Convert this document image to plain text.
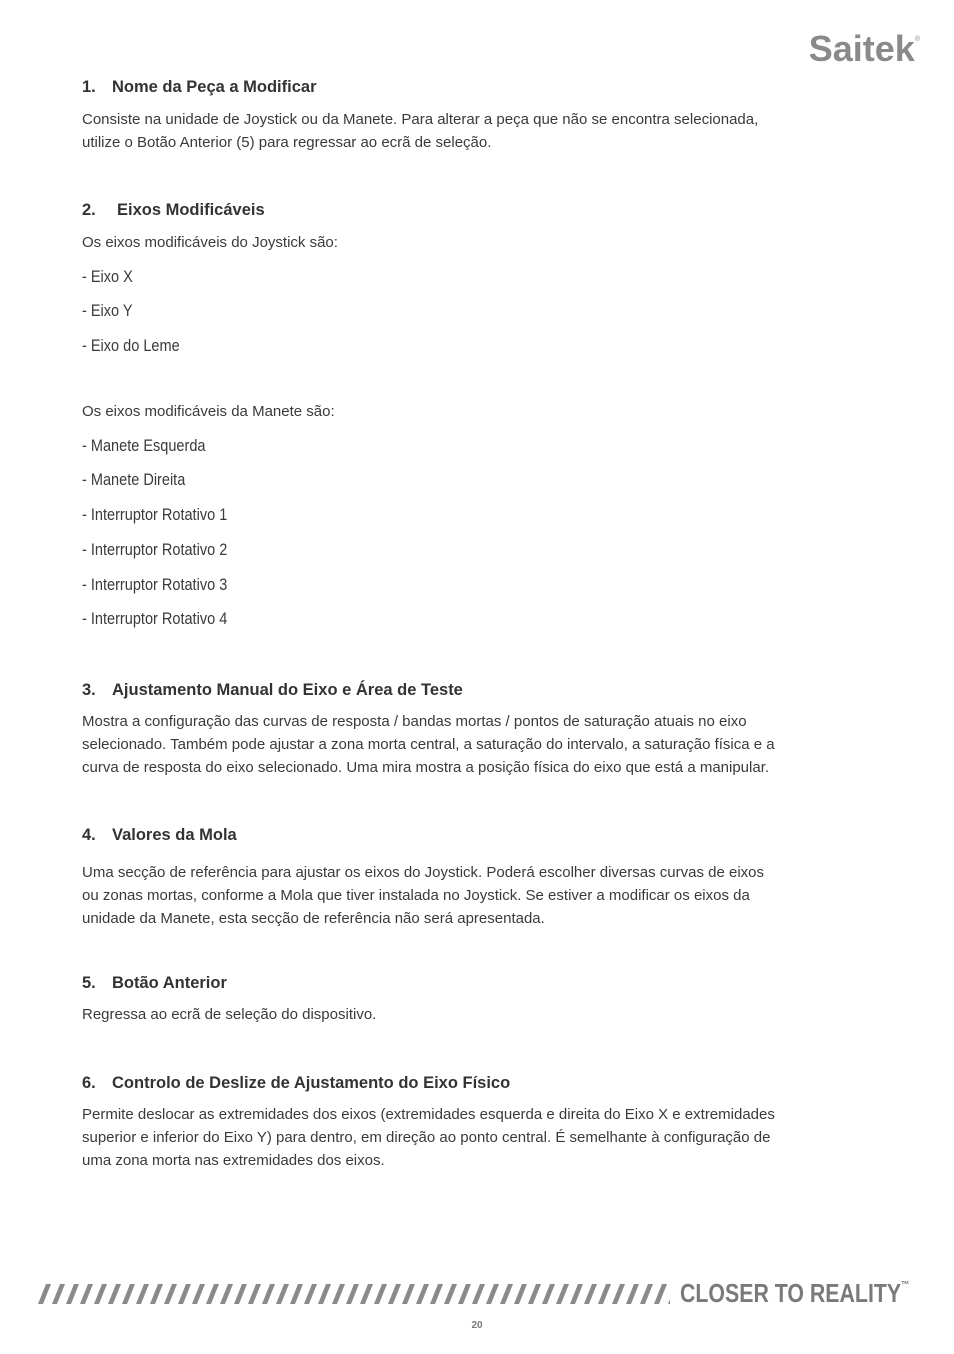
Saitek®
1. Nome da Peça a Modificar

Consiste na unidade de Joystick ou da Manete. Para alterar a peça que não se encontra selecionada,

utilize o Botão Anterior (5) para regressar ao ecrã de seleção.

2.	Eixos Modificáveis

Os eixos modificáveis do Joystick são:

- Eixo X

- Eixo Y

- Eixo do Leme

Os eixos modificáveis da Manete são:

- Manete Esquerda

- Manete Direita

- Interruptor Rotativo 1

- Interruptor Rotativo 2

- Interruptor Rotativo 3

- Interruptor Rotativo 4

3. Ajustamento Manual do Eixo e Área de Teste

Mostra a configuração das curvas de resposta / bandas mortas / pontos de saturação atuais no eixo

selecionado. Também pode ajustar a zona morta central, a saturação do intervalo, a saturação física e a

curva de resposta do eixo selecionado. Uma mira mostra a posição física do eixo que está a manipular.

4. Valores da Mola

Uma secção de referência para ajustar os eixos do Joystick. Poderá escolher diversas curvas de eixos

ou zonas mortas, conforme a Mola que tiver instalada no Joystick. Se estiver a modificar os eixos da

unidade da Manete, esta secção de referência não será apresentada.

5. Botão Anterior

Regressa ao ecrã de seleção do dispositivo.

6. Controlo de Deslize de Ajustamento do Eixo Físico

Permite deslocar as extremidades dos eixos (extremidades esquerda e direita do Eixo X e extremidades

superior e inferior do Eixo Y) para dentro, em direção ao ponto central. É semelhante à configuração de

uma zona morta nas extremidades dos eixos.

CLOSER TO REALITY™
20
